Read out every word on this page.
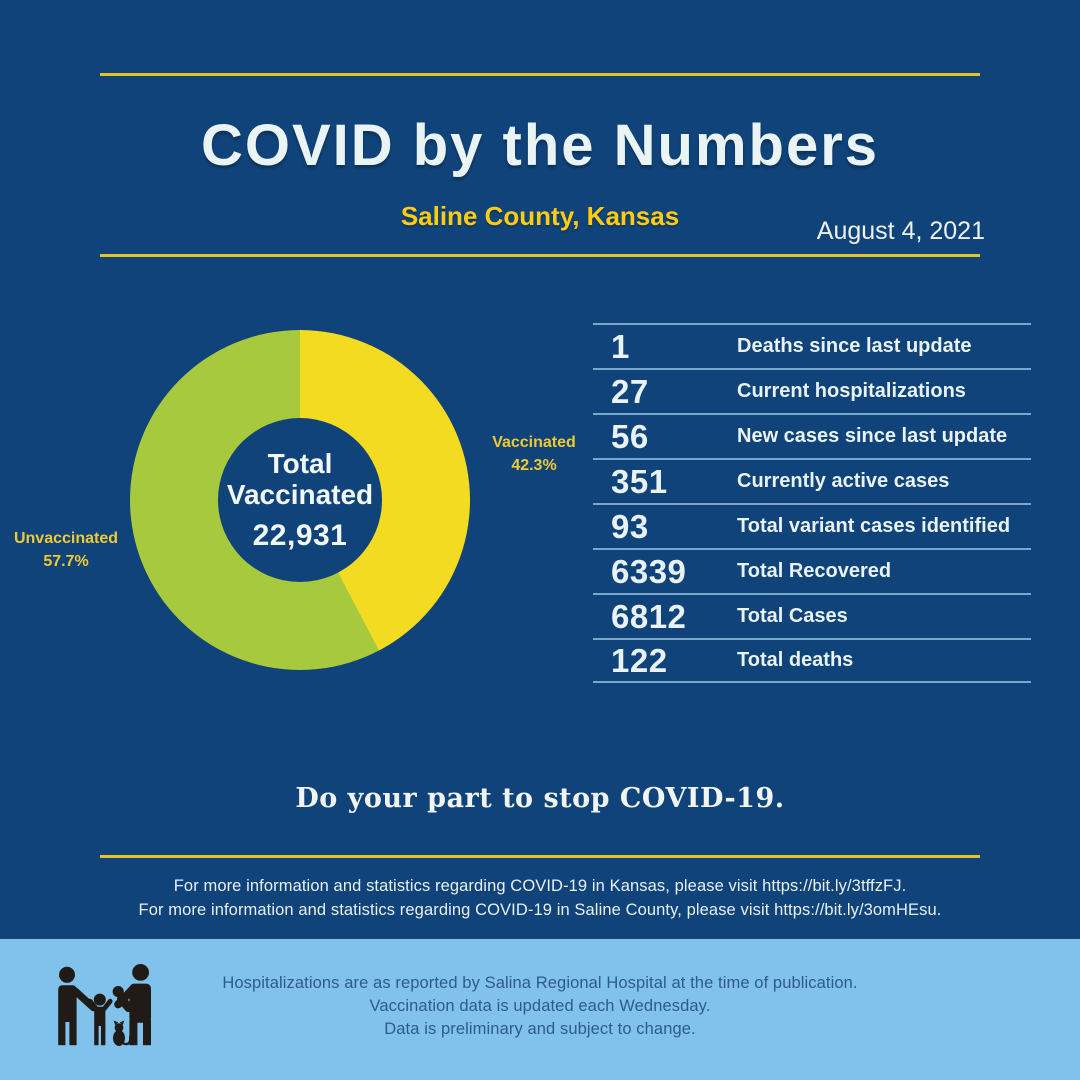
COVID by the Numbers
Saline County, Kansas	August 4, 2021
Total
Vaccinated
22,931
Vaccinated
42.3%
Unvaccinated
57.7%
1	Deaths since last update
27	Current hospitalizations
56	New cases since last update
351	Currently active cases
93	Total variant cases identified
6339	Total Recovered
6812	Total Cases
122	Total deaths
Do your part to stop COVID-19.
For more information and statistics regarding COVID-19 in Kansas, please visit https://bit.ly/3tffzFJ.
For more information and statistics regarding COVID-19 in Saline County, please visit https://bit.ly/3omHEsu.
Hospitalizations are as reported by Salina Regional Hospital at the time of publication.
Vaccination data is updated each Wednesday.
Data is preliminary and subject to change.
